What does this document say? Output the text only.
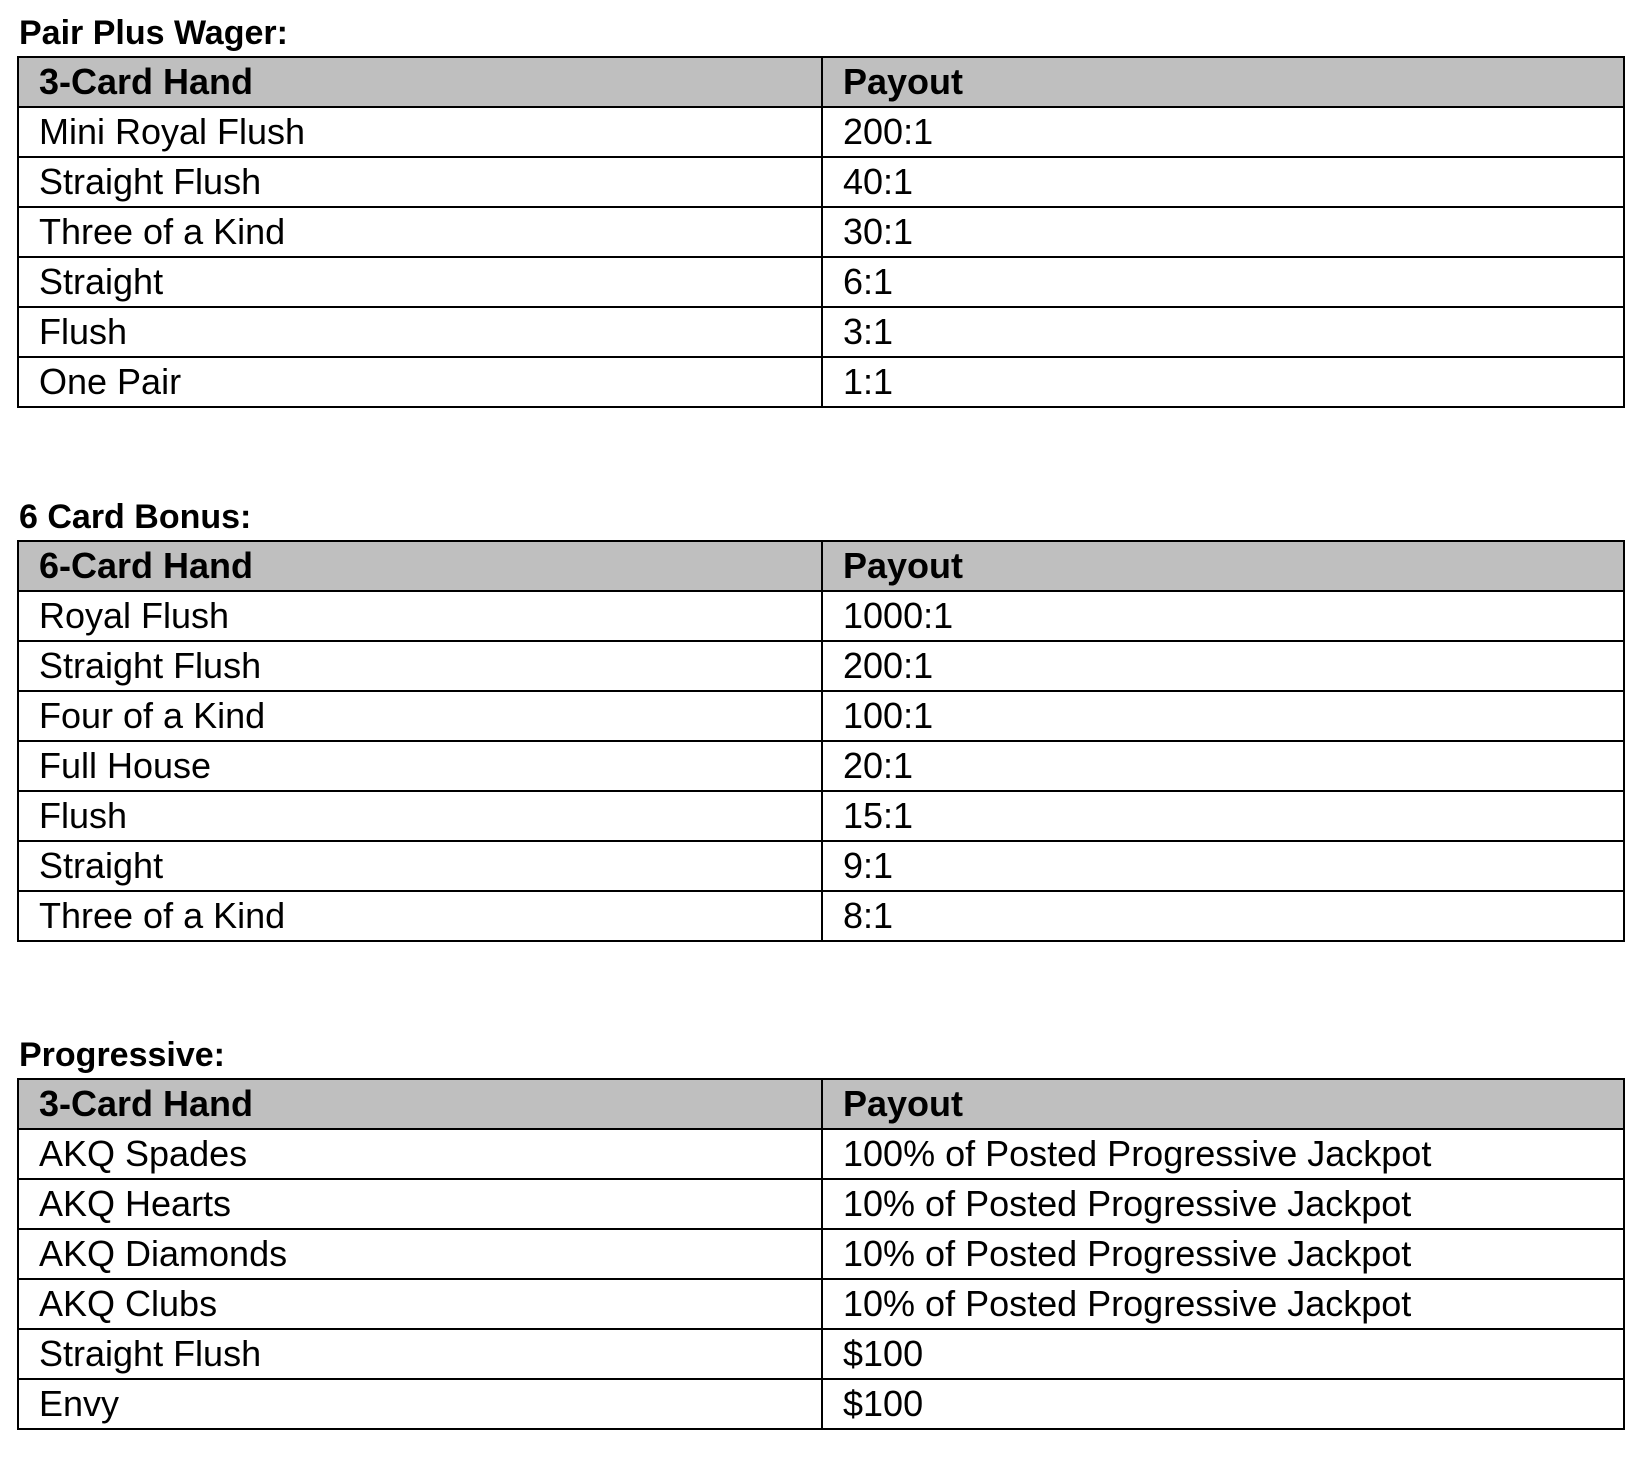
Pair Plus Wager:
3-Card Hand	Payout
Mini Royal Flush	200:1
Straight Flush	40:1
Three of a Kind	30:1
Straight	6:1
Flush	3:1
One Pair	1:1
6 Card Bonus:
6-Card Hand	Payout
Royal Flush	1000:1
Straight Flush	200:1
Four of a Kind	100:1
Full House	20:1
Flush	15:1
Straight	9:1
Three of a Kind	8:1
Progressive:
3-Card Hand	Payout
AKQ Spades	100% of Posted Progressive Jackpot
AKQ Hearts	10% of Posted Progressive Jackpot
AKQ Diamonds	10% of Posted Progressive Jackpot
AKQ Clubs	10% of Posted Progressive Jackpot
Straight Flush	$100
Envy	$100
